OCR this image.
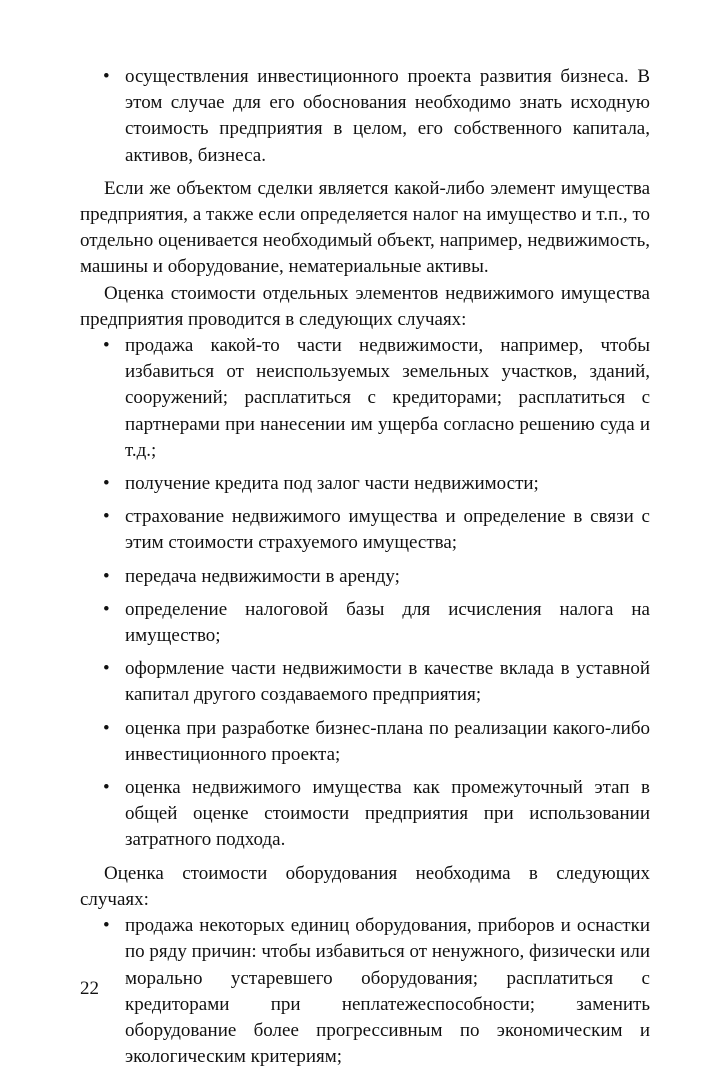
• осуществления инвестиционного проекта развития бизнеса. В этом случае для его обоснования необходимо знать исходную стоимость предприятия в целом, его собственного капитала, активов, бизнеса.

Если же объектом сделки является какой-либо элемент имущества предприятия, а также если определяется налог на имущество и т.п., то отдельно оценивается необходимый объект, например, недвижимость, машины и оборудование, нематериальные активы.

Оценка стоимости отдельных элементов недвижимого имущества предприятия проводится в следующих случаях:

• продажа какой-то части недвижимости, например, чтобы избавиться от неиспользуемых земельных участков, зданий, сооружений; расплатиться с кредиторами; расплатиться с партнерами при нанесении им ущерба согласно решению суда и т.д.;
• получение кредита под залог части недвижимости;
• страхование недвижимого имущества и определение в связи с этим стоимости страхуемого имущества;
• передача недвижимости в аренду;
• определение налоговой базы для исчисления налога на имущество;
• оформление части недвижимости в качестве вклада в уставной капитал другого создаваемого предприятия;
• оценка при разработке бизнес-плана по реализации какого-либо инвестиционного проекта;
• оценка недвижимого имущества как промежуточный этап в общей оценке стоимости предприятия при использовании затратного подхода.

Оценка стоимости оборудования необходима в следующих случаях:

• продажа некоторых единиц оборудования, приборов и оснастки по ряду причин: чтобы избавиться от ненужного, физически или морально устаревшего оборудования; расплатиться с кредиторами при неплатежеспособности; заменить оборудование более прогрессивным по экономическим и экологическим критериям;
22
